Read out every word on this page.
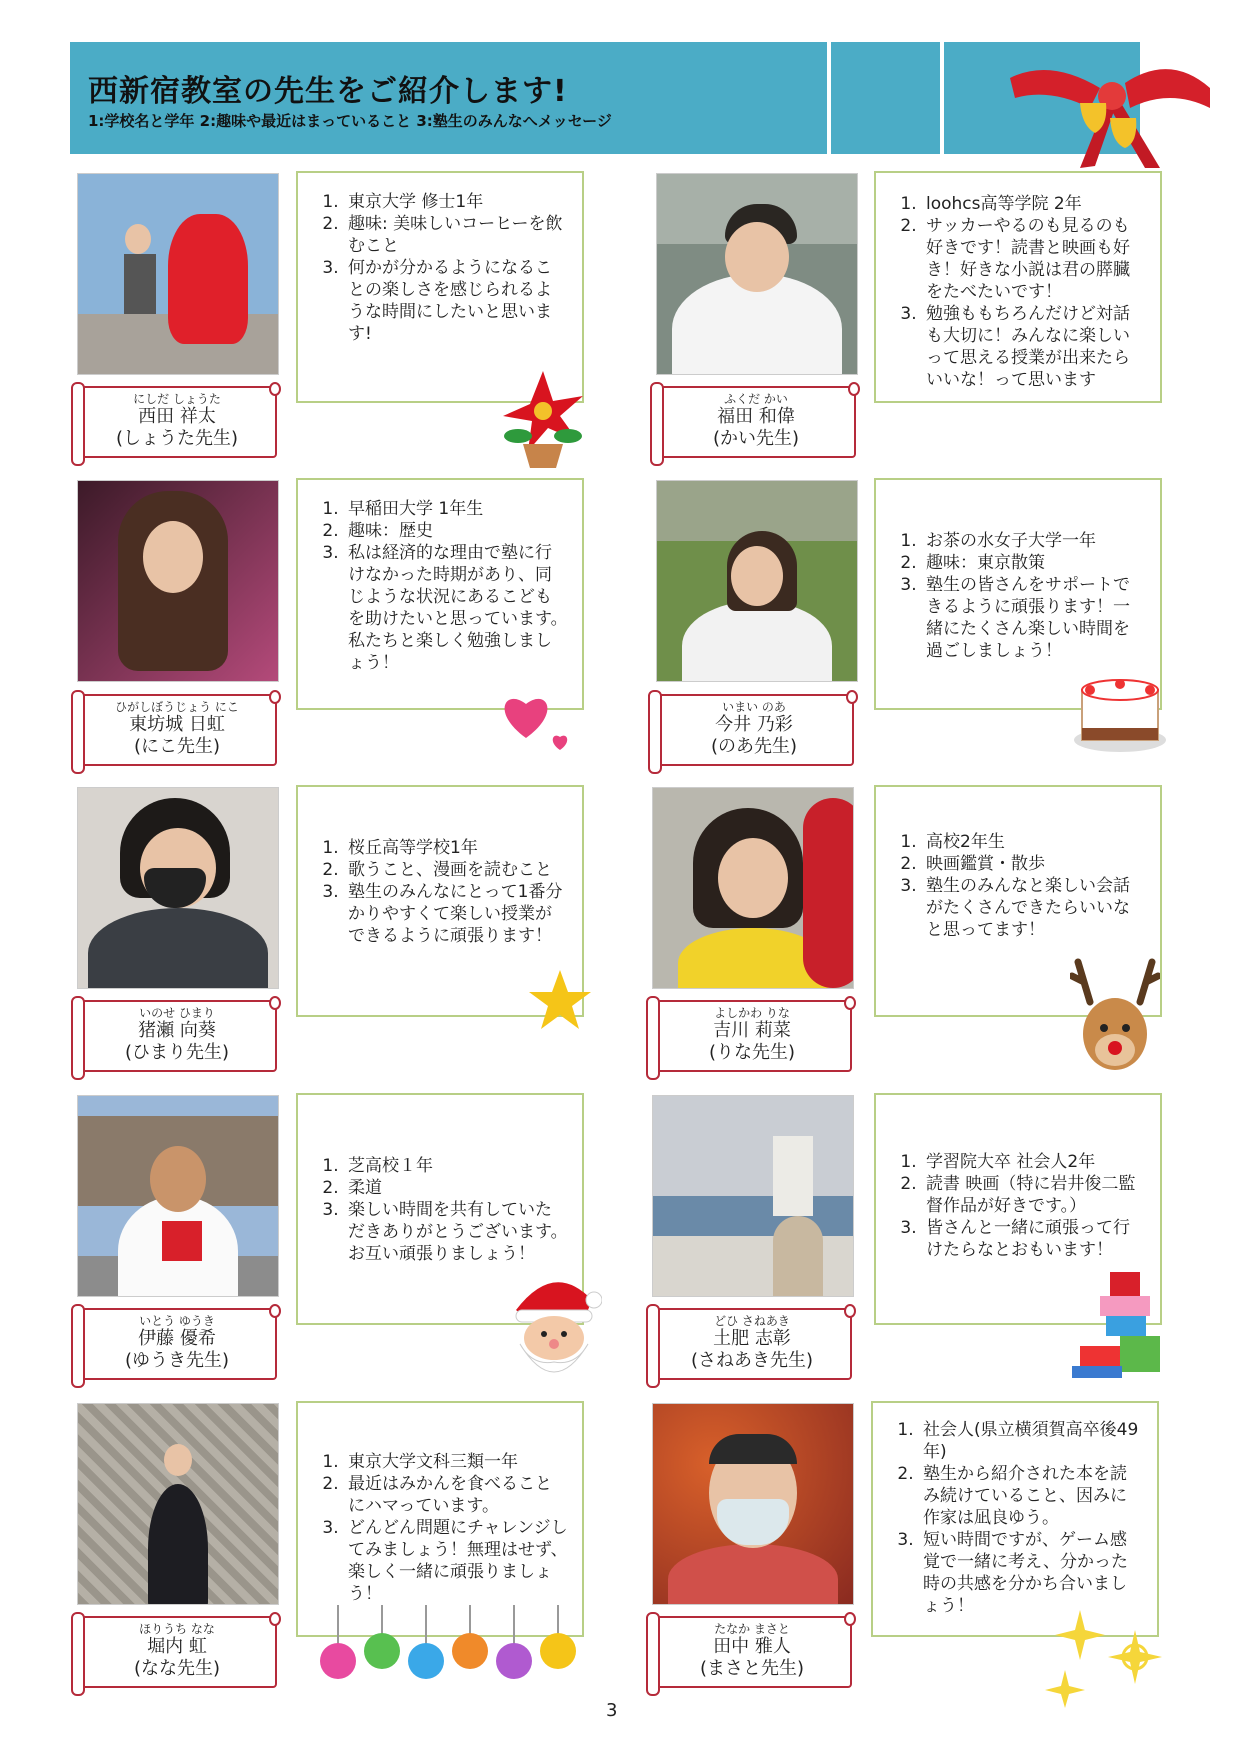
西新宿教室の先生をご紹介します!
1:学校名と学年 2:趣味や最近はまっていること 3:塾生のみんなへメッセージ
にしだ しょうた
西田 祥太
(しょうた先生)
1. 東京大学 修士1年
2. 趣味: 美味しいコーヒーを飲むこと
3. 何かが分かるようになることの楽しさを感じられるような時間にしたいと思います!
ふくだ かい
福田 和偉
(かい先生)
1. loohcs高等学院 2年
2. サッカーやるのも見るのも好きです！読書と映画も好き！好きな小説は君の膵臓をたべたいです！
3. 勉強ももちろんだけど対話も大切に！みんなに楽しいって思える授業が出来たらいいな！って思います
ひがしぼうじょう にこ
東坊城 日虹
(にこ先生)
1. 早稲田大学 1年生
2. 趣味：歴史
3. 私は経済的な理由で塾に行けなかった時期があり、同じような状況にあるこどもを助けたいと思っています。私たちと楽しく勉強しましょう！
いまい のあ
今井 乃彩
(のあ先生)
1. お茶の水女子大学一年
2. 趣味：東京散策
3. 塾生の皆さんをサポートできるように頑張ります！一緒にたくさん楽しい時間を過ごしましょう！
いのせ ひまり
猪瀬 向葵
(ひまり先生)
1. 桜丘高等学校1年
2. 歌うこと、漫画を読むこと
3. 塾生のみんなにとって1番分かりやすくて楽しい授業ができるように頑張ります！
よしかわ りな
吉川 莉菜
(りな先生)
1. 高校2年生
2. 映画鑑賞・散歩
3. 塾生のみんなと楽しい会話がたくさんできたらいいなと思ってます！
いとう ゆうき
伊藤 優希
(ゆうき先生)
1. 芝高校１年
2. 柔道
3. 楽しい時間を共有していただきありがとうございます。お互い頑張りましょう！
どひ さねあき
土肥 志彰
(さねあき先生)
1. 学習院大卒 社会人2年
2. 読書 映画（特に岩井俊二監督作品が好きです。）
3. 皆さんと一緒に頑張って行けたらなとおもいます！
ほりうち なな
堀内 虹
(なな先生)
1. 東京大学文科三類一年
2. 最近はみかんを食べることにハマっています。
3. どんどん問題にチャレンジしてみましょう！無理はせず、楽しく一緒に頑張りましょう！
たなか まさと
田中 雅人
(まさと先生)
1. 社会人(県立横須賀高卒後49年)
2. 塾生から紹介された本を読み続けていること、因みに作家は凪良ゆう。
3. 短い時間ですが、ゲーム感覚で一緒に考え、分かった時の共感を分かち合いましょう！
3
